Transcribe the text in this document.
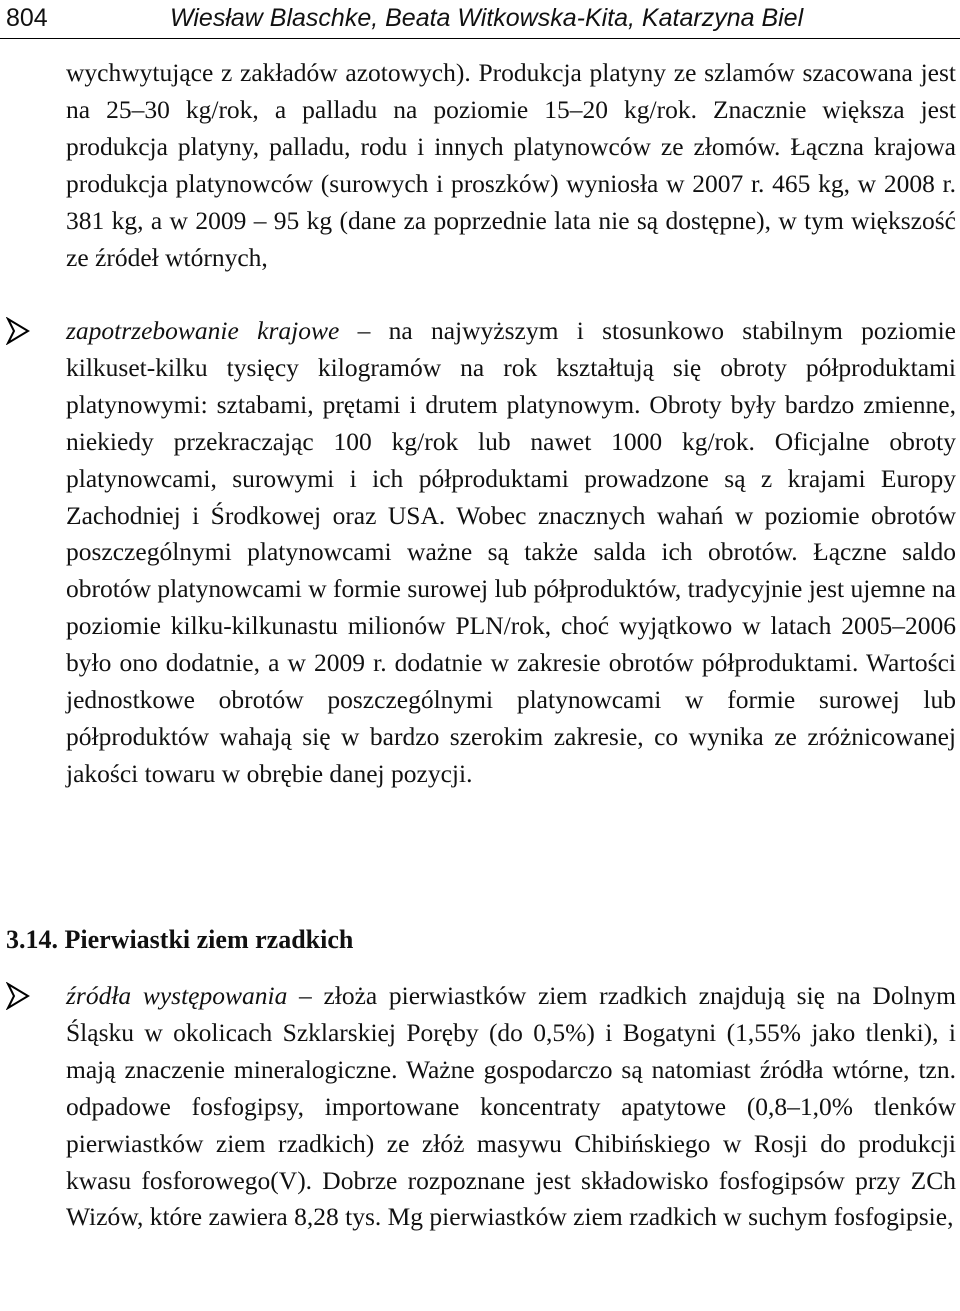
804	Wiesław Blaschke, Beata Witkowska-Kita, Katarzyna Biel
wychwytujące z zakładów azotowych). Produkcja platyny ze szlamów szacowana jest na 25–30 kg/rok, a palladu na poziomie 15–20 kg/rok. Znacznie większa jest produkcja platyny, palladu, rodu i innych platynowców ze złomów. Łączna krajowa produkcja platynowców (surowych i proszków) wyniosła w 2007 r. 465 kg, w 2008 r. 381 kg, a w 2009 – 95 kg (dane za poprzednie lata nie są dostępne), w tym większość ze źródeł wtórnych,
zapotrzebowanie krajowe – na najwyższym i stosunkowo stabilnym poziomie kilkuset-kilku tysięcy kilogramów na rok kształtują się obroty półproduktami platynowymi: sztabami, prętami i drutem platynowym. Obroty były bardzo zmienne, niekiedy przekraczając 100 kg/rok lub nawet 1000 kg/rok. Oficjalne obroty platynowcami, surowymi i ich półproduktami prowadzone są z krajami Europy Zachodniej i Środkowej oraz USA. Wobec znacznych wahań w poziomie obrotów poszczególnymi platynowcami ważne są także salda ich obrotów. Łączne saldo obrotów platynowcami w formie surowej lub półproduktów, tradycyjnie jest ujemne na poziomie kilku-kilkunastu milionów PLN/rok, choć wyjątkowo w latach 2005–2006 było ono dodatnie, a w 2009 r. dodatnie w zakresie obrotów półproduktami. Wartości jednostkowe obrotów poszczególnymi platynowcami w formie surowej lub półproduktów wahają się w bardzo szerokim zakresie, co wynika ze zróżnicowanej jakości towaru w obrębie danej pozycji.
3.14. Pierwiastki ziem rzadkich
źródła występowania – złoża pierwiastków ziem rzadkich znajdują się na Dolnym Śląsku w okolicach Szklarskiej Poręby (do 0,5%) i Bogatyni (1,55% jako tlenki), i mają znaczenie mineralogiczne. Ważne gospodarczo są natomiast źródła wtórne, tzn. odpadowe fosfogipsy, importowane koncentraty apatytowe (0,8–1,0% tlenków pierwiastków ziem rzadkich) ze złóż masywu Chibińskiego w Rosji do produkcji kwasu fosforowego(V). Dobrze rozpoznane jest składowisko fosfogipsów przy ZCh Wizów, które zawiera 8,28 tys. Mg pierwiastków ziem rzadkich w suchym fosfogipsie,
